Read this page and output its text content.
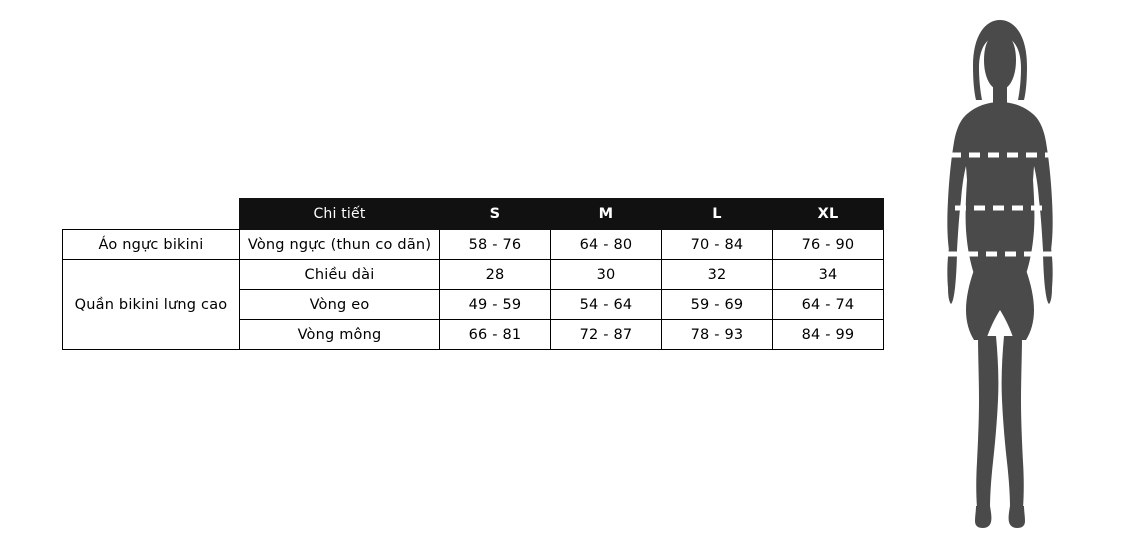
	Chi tiết	S	M	L	XL
Áo ngực bikini	Vòng ngực (thun co dãn)	58 - 76	64 - 80	70 - 84	76 - 90
Quần bikini lưng cao	Chiều dài	28	30	32	34
	Vòng eo	49 - 59	54 - 64	59 - 69	64 - 74
	Vòng mông	66 - 81	72 - 87	78 - 93	84 - 99
